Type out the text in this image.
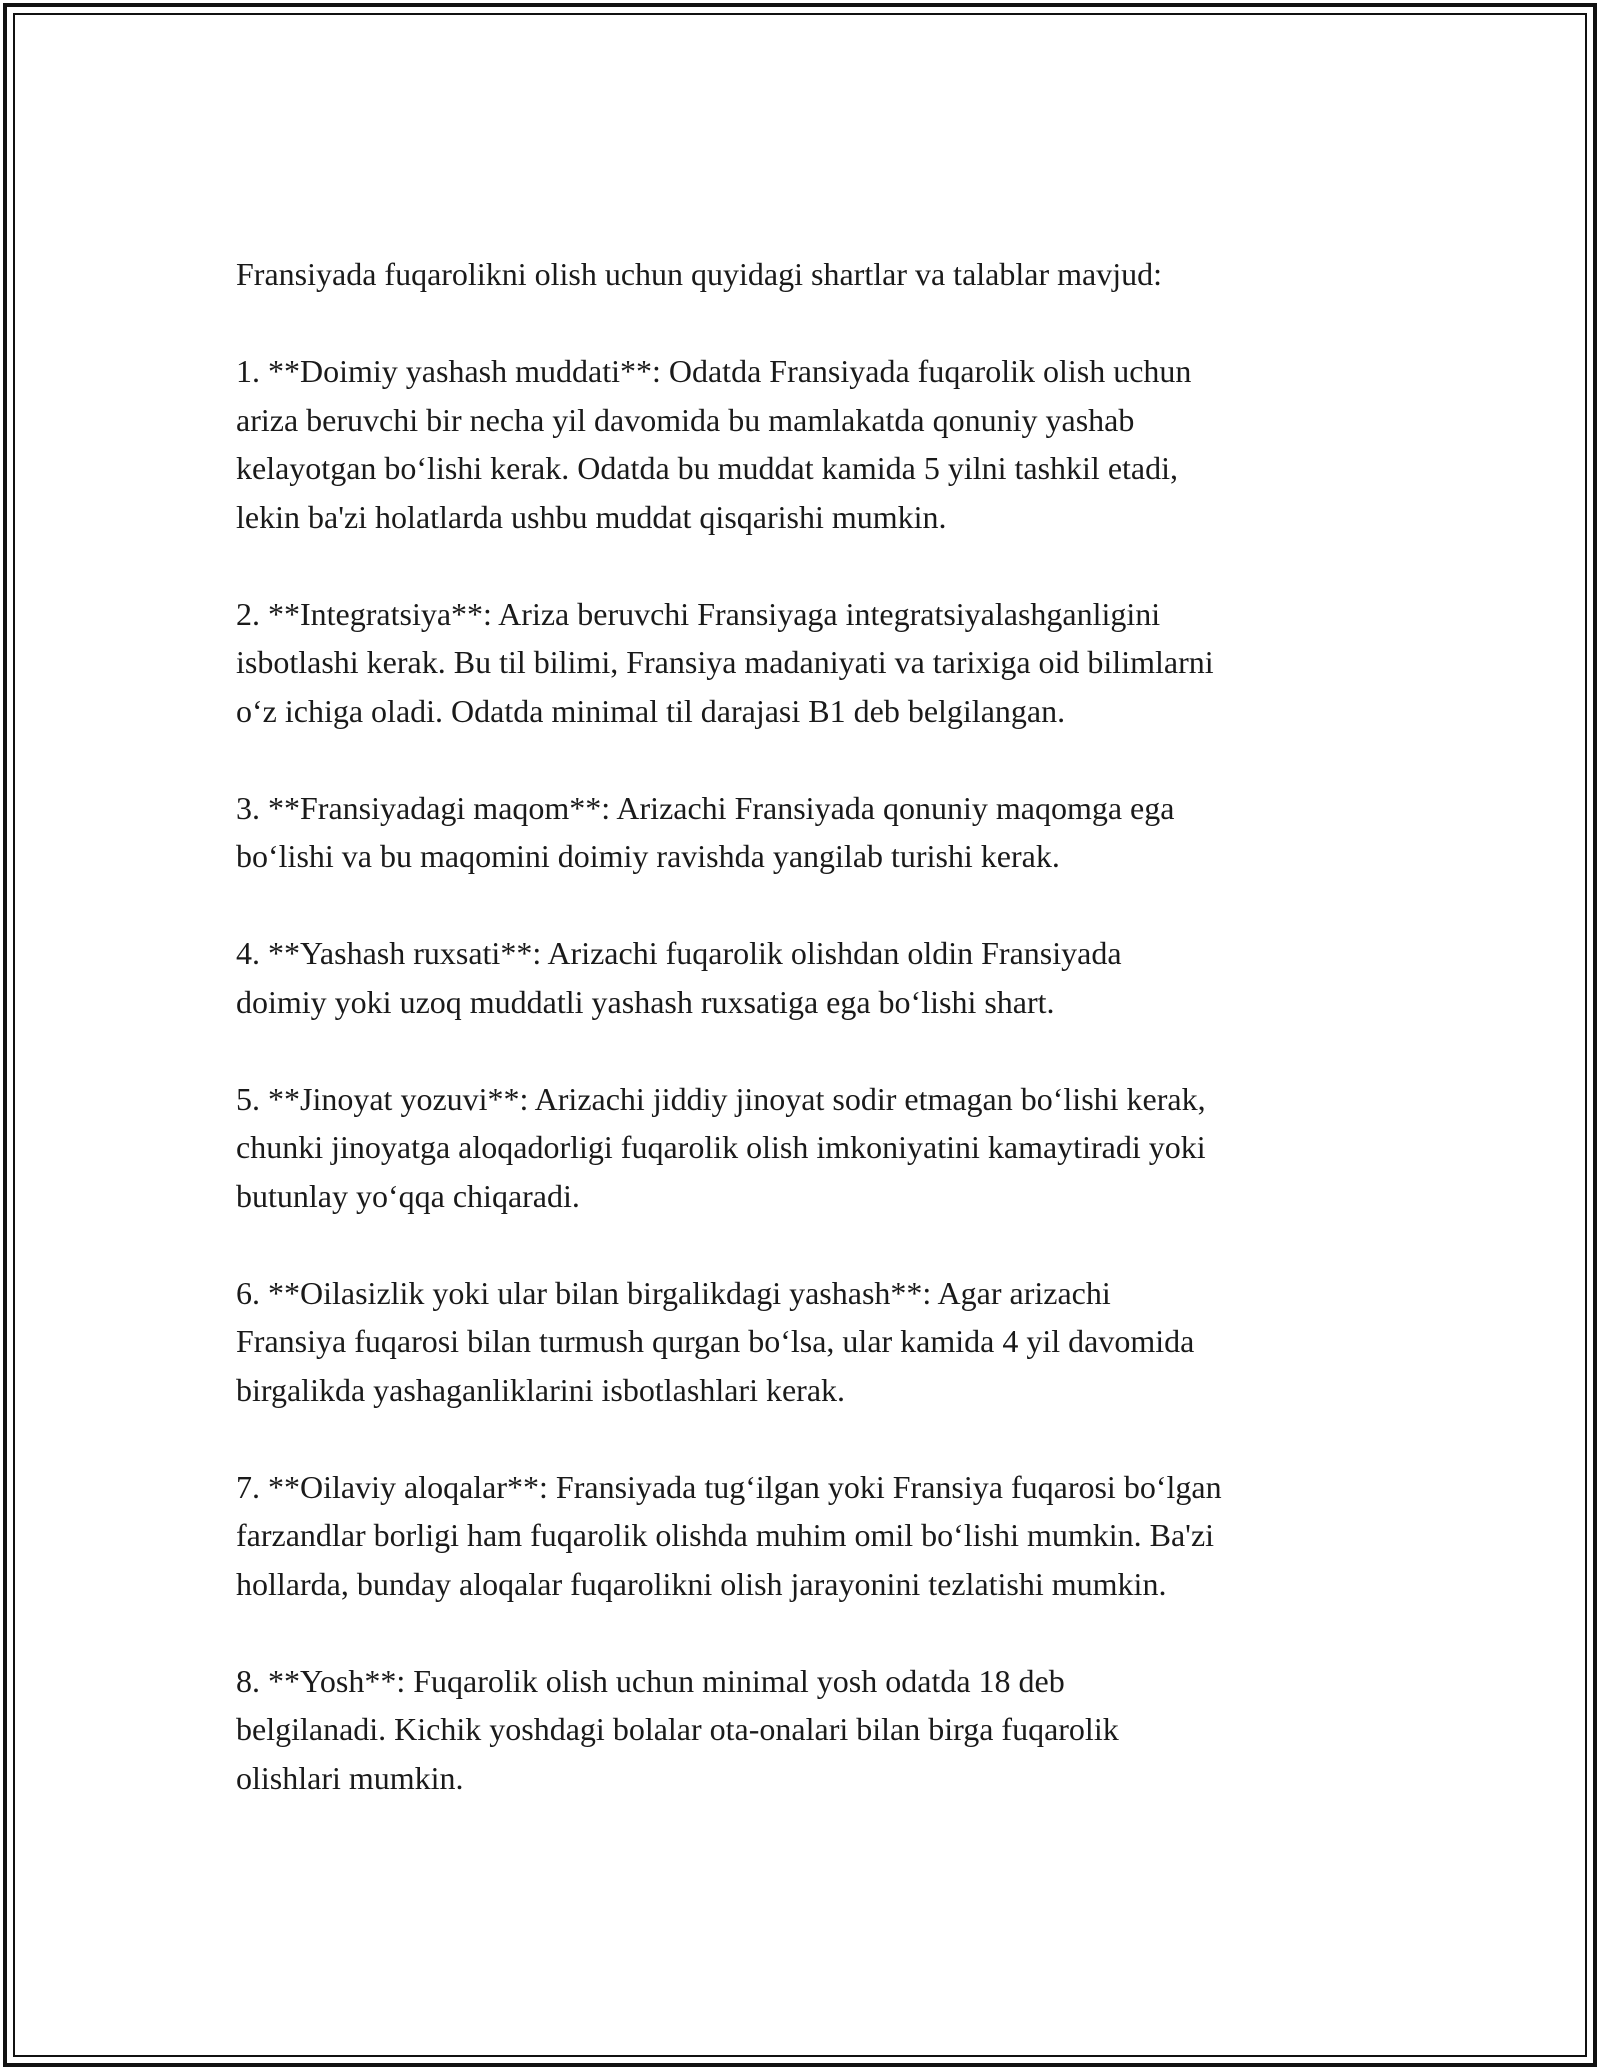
Fransiyada fuqarolikni olish uchun quyidagi shartlar va talablar mavjud:

1. **Doimiy yashash muddati**: Odatda Fransiyada fuqarolik olish uchun
ariza beruvchi bir necha yil davomida bu mamlakatda qonuniy yashab
kelayotgan bo‘lishi kerak. Odatda bu muddat kamida 5 yilni tashkil etadi,
lekin ba'zi holatlarda ushbu muddat qisqarishi mumkin.

2. **Integratsiya**: Ariza beruvchi Fransiyaga integratsiyalashganligini
isbotlashi kerak. Bu til bilimi, Fransiya madaniyati va tarixiga oid bilimlarni
o‘z ichiga oladi. Odatda minimal til darajasi B1 deb belgilangan.

3. **Fransiyadagi maqom**: Arizachi Fransiyada qonuniy maqomga ega
bo‘lishi va bu maqomini doimiy ravishda yangilab turishi kerak.

4. **Yashash ruxsati**: Arizachi fuqarolik olishdan oldin Fransiyada
doimiy yoki uzoq muddatli yashash ruxsatiga ega bo‘lishi shart.

5. **Jinoyat yozuvi**: Arizachi jiddiy jinoyat sodir etmagan bo‘lishi kerak,
chunki jinoyatga aloqadorligi fuqarolik olish imkoniyatini kamaytiradi yoki
butunlay yo‘qqa chiqaradi.

6. **Oilasizlik yoki ular bilan birgalikdagi yashash**: Agar arizachi
Fransiya fuqarosi bilan turmush qurgan bo‘lsa, ular kamida 4 yil davomida
birgalikda yashaganliklarini isbotlashlari kerak.

7. **Oilaviy aloqalar**: Fransiyada tug‘ilgan yoki Fransiya fuqarosi bo‘lgan
farzandlar borligi ham fuqarolik olishda muhim omil bo‘lishi mumkin. Ba'zi
hollarda, bunday aloqalar fuqarolikni olish jarayonini tezlatishi mumkin.

8. **Yosh**: Fuqarolik olish uchun minimal yosh odatda 18 deb
belgilanadi. Kichik yoshdagi bolalar ota-onalari bilan birga fuqarolik
olishlari mumkin.
